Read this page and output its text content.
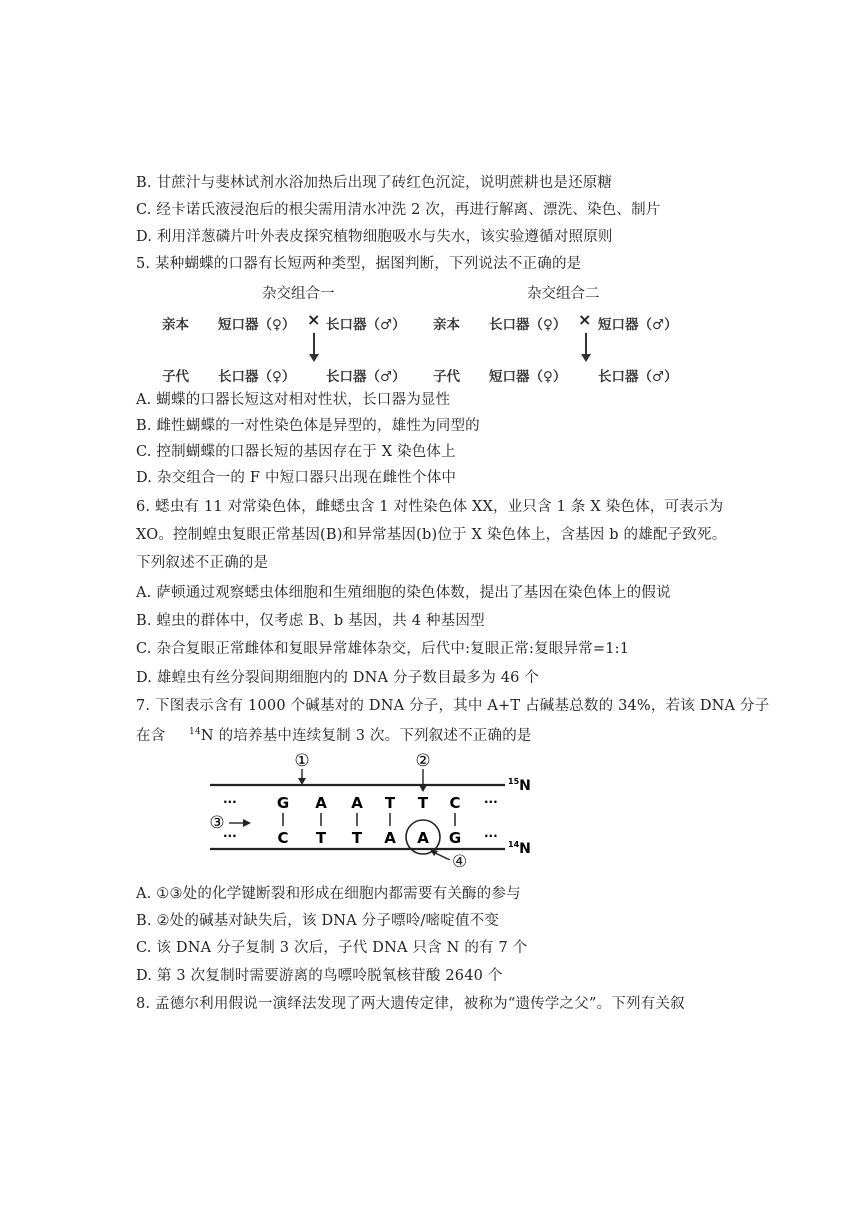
B. 甘蔗汁与斐林试剂水浴加热后出现了砖红色沉淀，说明蔗耕也是还原糖
C. 经卡诺氏液浸泡后的根尖需用清水冲洗 2 次，再进行解离、漂洗、染色、制片
D. 利用洋葱磷片叶外表皮探究植物细胞吸水与失水，该实验遵循对照原则
5. 某种蝴蝶的口器有长短两种类型，据图判断，下列说法不正确的是
杂交组合一	杂交组合二
亲本 短口器（♀） × 长口器（♂） 亲本 长口器（♀） × 短口器（♂）
子代 长口器（♀） 长口器（♂） 子代 短口器（♀） 长口器（♂）
A. 蝴蝶的口器长短这对相对性状，长口器为显性
B. 雌性蝴蝶的一对性染色体是异型的，雄性为同型的
C. 控制蝴蝶的口器长短的基因存在于 X 染色体上
D. 杂交组合一的 F 中短口器只出现在雌性个体中
6. 蟋虫有 11 对常染色体，雌蟋虫含 1 对性染色体 XX，业只含 1 条 X 染色体，可表示为
XO。控制蝗虫复眼正常基因(B)和异常基因(b)位于 X 染色体上，含基因 b 的雄配子致死。
下列叙述不正确的是
A. 萨顿通过观察蟋虫体细胞和生殖细胞的染色体数，提出了基因在染色体上的假说
B. 蝗虫的群体中，仅考虑 B、b 基因，共 4 种基因型
C. 杂合复眼正常雌体和复眼异常雄体杂交，后代中:复眼正常:复眼异常=1:1
D. 雄蝗虫有丝分裂间期细胞内的 DNA 分子数目最多为 46 个
7. 下图表示含有 1000 个碱基对的 DNA 分子，其中 A+T 占碱基总数的 34%，若该 DNA 分子
在含	$^{14}$N 的培养基中连续复制 3 次。下列叙述不正确的是
$^{15}$N
$^{14}$N
···	···
···	···
G A A T T C
C T T A A G
①	②
③
④
A. ①③处的化学键断裂和形成在细胞内都需要有关酶的参与
B. ②处的碱基对缺失后，该 DNA 分子嘌呤/嘧啶值不变
C. 该 DNA 分子复制 3 次后，子代 DNA 只含 N 的有 7 个
D. 第 3 次复制时需要游离的鸟嘌呤脱氧核苷酸 2640 个
8. 孟德尔利用假说一演绎法发现了两大遗传定律，被称为“遗传学之父”。下列有关叙
